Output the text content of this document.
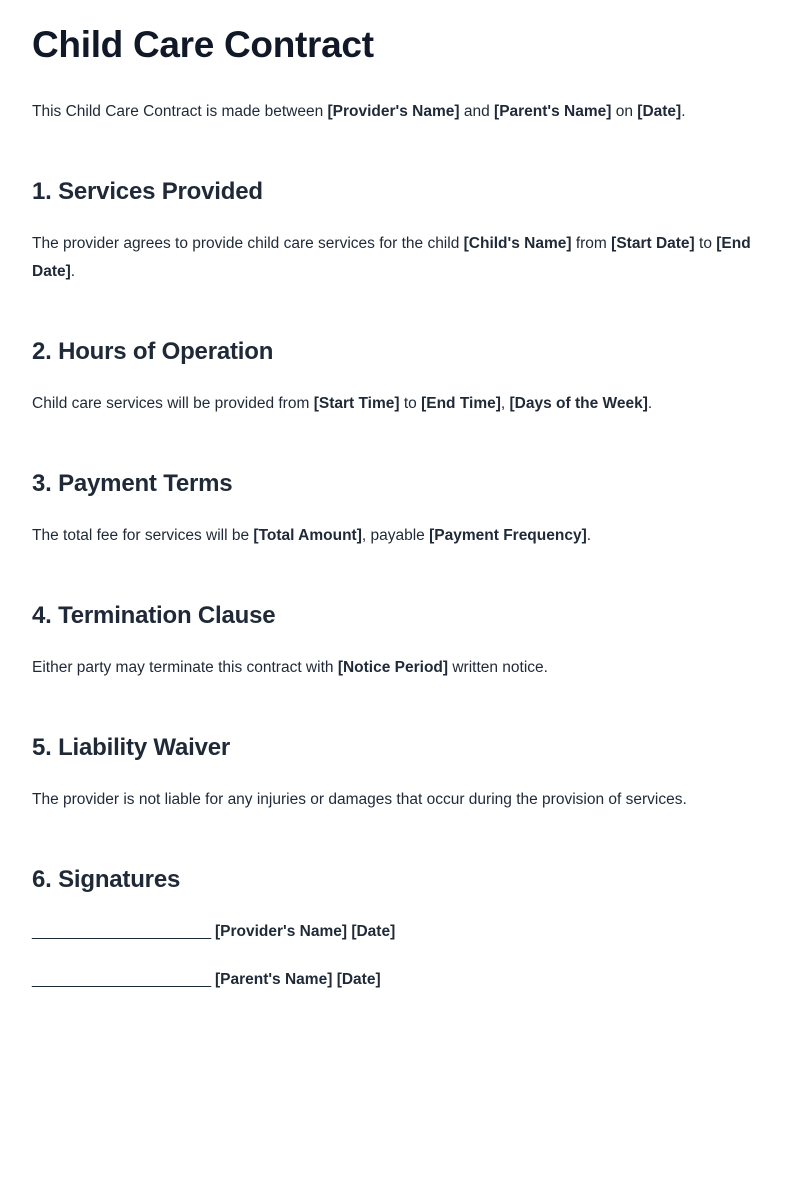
Child Care Contract

This Child Care Contract is made between [Provider's Name] and [Parent's Name] on [Date].

1. Services Provided

The provider agrees to provide child care services for the child [Child's Name] from [Start Date] to [End Date].

2. Hours of Operation

Child care services will be provided from [Start Time] to [End Time], [Days of the Week].

3. Payment Terms

The total fee for services will be [Total Amount], payable [Payment Frequency].

4. Termination Clause

Either party may terminate this contract with [Notice Period] written notice.

5. Liability Waiver

The provider is not liable for any injuries or damages that occur during the provision of services.

6. Signatures

______________________ [Provider's Name] [Date]

______________________ [Parent's Name] [Date]
